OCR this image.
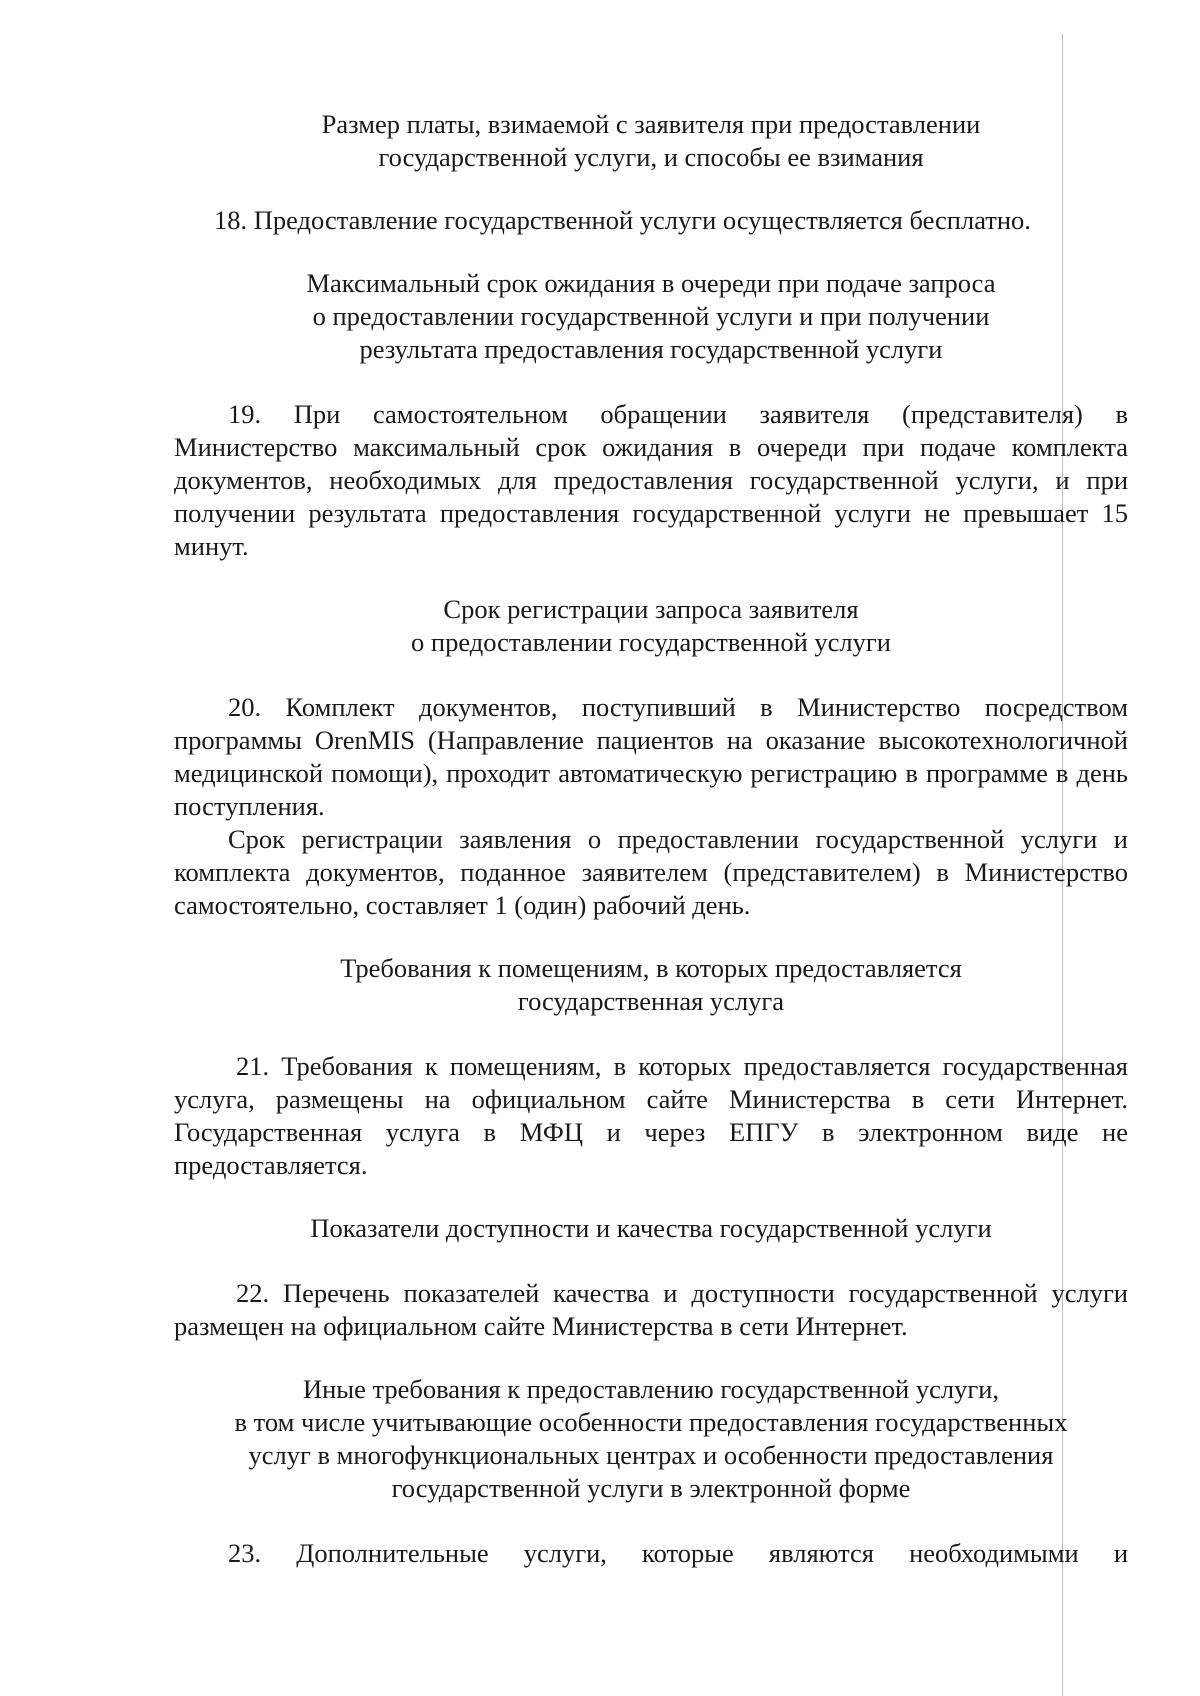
Размер платы, взимаемой с заявителя при предоставлении
государственной услуги, и способы ее взимания

18. Предоставление государственной услуги осуществляется бесплатно.

Максимальный срок ожидания в очереди при подаче запроса
о предоставлении государственной услуги и при получении
результата предоставления государственной услуги

19. При самостоятельном обращении заявителя (представителя) в Министерство максимальный срок ожидания в очереди при подаче комплекта документов, необходимых для предоставления государственной услуги, и при получении результата предоставления государственной услуги не превышает 15 минут.

Срок регистрации запроса заявителя
о предоставлении государственной услуги

20. Комплект документов, поступивший в Министерство посредством программы OrenMIS (Направление пациентов на оказание высокотехнологичной медицинской помощи), проходит автоматическую регистрацию в программе в день поступления.

Срок регистрации заявления о предоставлении государственной услуги и комплекта документов, поданное заявителем (представителем) в Министерство самостоятельно, составляет 1 (один) рабочий день.

Требования к помещениям, в которых предоставляется
государственная услуга

21. Требования к помещениям, в которых предоставляется государственная услуга, размещены на официальном сайте Министерства в сети Интернет. Государственная услуга в МФЦ и через ЕПГУ в электронном виде не предоставляется.

Показатели доступности и качества государственной услуги

22. Перечень показателей качества и доступности государственной услуги размещен на официальном сайте Министерства в сети Интернет.

Иные требования к предоставлению государственной услуги,
в том числе учитывающие особенности предоставления государственных
услуг в многофункциональных центрах и особенности предоставления
государственной услуги в электронной форме

23. Дополнительные услуги, которые являются необходимыми и
